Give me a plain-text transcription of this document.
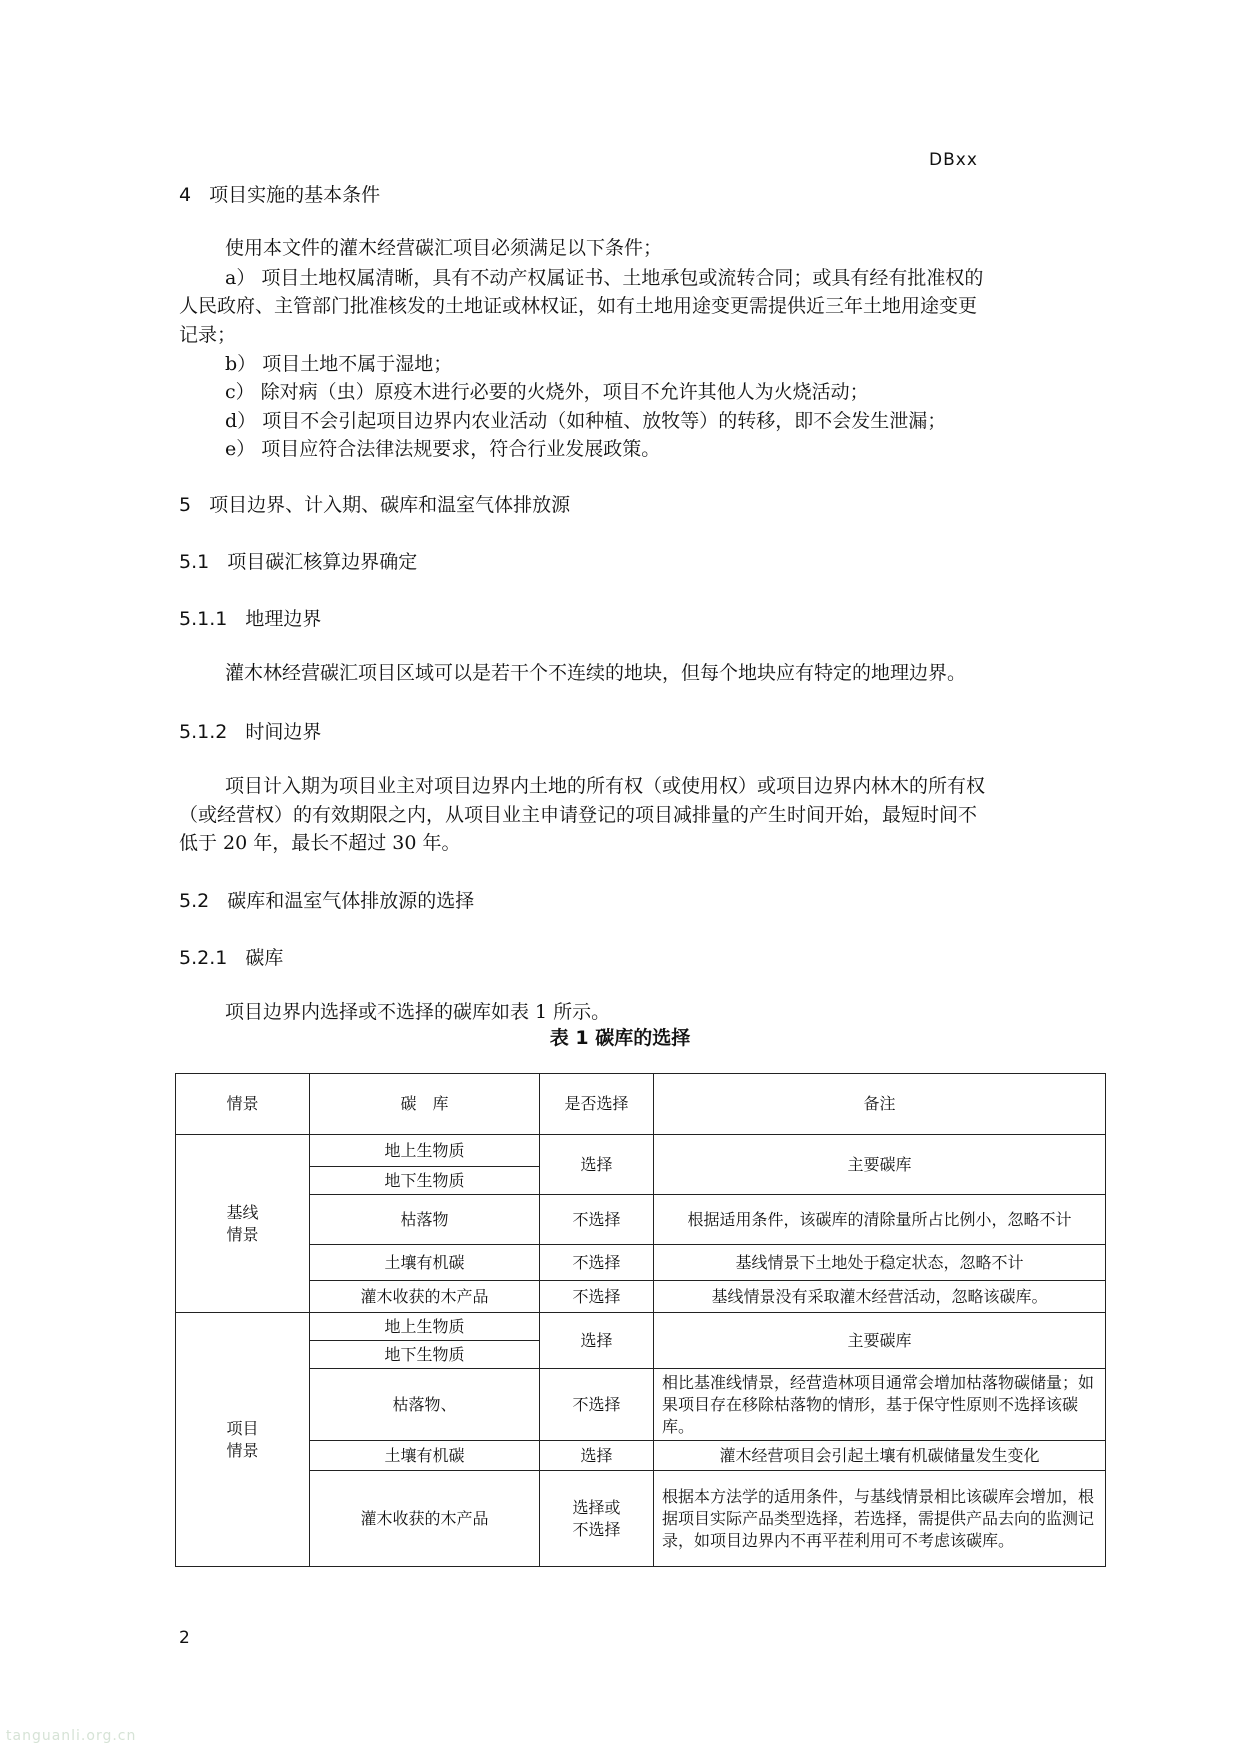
DBxx
4 项目实施的基本条件
使用本文件的灌木经营碳汇项目必须满足以下条件；
a） 项目土地权属清晰，具有不动产权属证书、土地承包或流转合同；或具有经有批准权的
人民政府、主管部门批准核发的土地证或林权证，如有土地用途变更需提供近三年土地用途变更
记录；
b） 项目土地不属于湿地；
c） 除对病（虫）原疫木进行必要的火烧外，项目不允许其他人为火烧活动；
d） 项目不会引起项目边界内农业活动（如种植、放牧等）的转移，即不会发生泄漏；
e） 项目应符合法律法规要求，符合行业发展政策。
5 项目边界、计入期、碳库和温室气体排放源
5.1 项目碳汇核算边界确定
5.1.1 地理边界
灌木林经营碳汇项目区域可以是若干个不连续的地块，但每个地块应有特定的地理边界。
5.1.2 时间边界
项目计入期为项目业主对项目边界内土地的所有权（或使用权）或项目边界内林木的所有权
（或经营权）的有效期限之内，从项目业主申请登记的项目减排量的产生时间开始，最短时间不
低于 20 年，最长不超过 30 年。
5.2 碳库和温室气体排放源的选择
5.2.1 碳库
项目边界内选择或不选择的碳库如表 1 所示。
表 1 碳库的选择
情景	碳　库	是否选择	备注
基线
情景	地上生物质	选择	主要碳库
	地下生物质		
	枯落物	不选择	根据适用条件，该碳库的清除量所占比例小，忽略不计
	土壤有机碳	不选择	基线情景下土地处于稳定状态，忽略不计
	灌木收获的木产品	不选择	基线情景没有采取灌木经营活动，忽略该碳库。
项目
情景	地上生物质	选择	主要碳库
	地下生物质		
	枯落物、	不选择	相比基准线情景，经营造林项目通常会增加枯落物碳储量；如果项目存在移除枯落物的情形，基于保守性原则不选择该碳库。
	土壤有机碳	选择	灌木经营项目会引起土壤有机碳储量发生变化
	灌木收获的木产品	选择或
不选择	根据本方法学的适用条件，与基线情景相比该碳库会增加，根据项目实际产品类型选择，若选择，需提供产品去向的监测记录，如项目边界内不再平茬利用可不考虑该碳库。
2
tanguanli.org.cn
